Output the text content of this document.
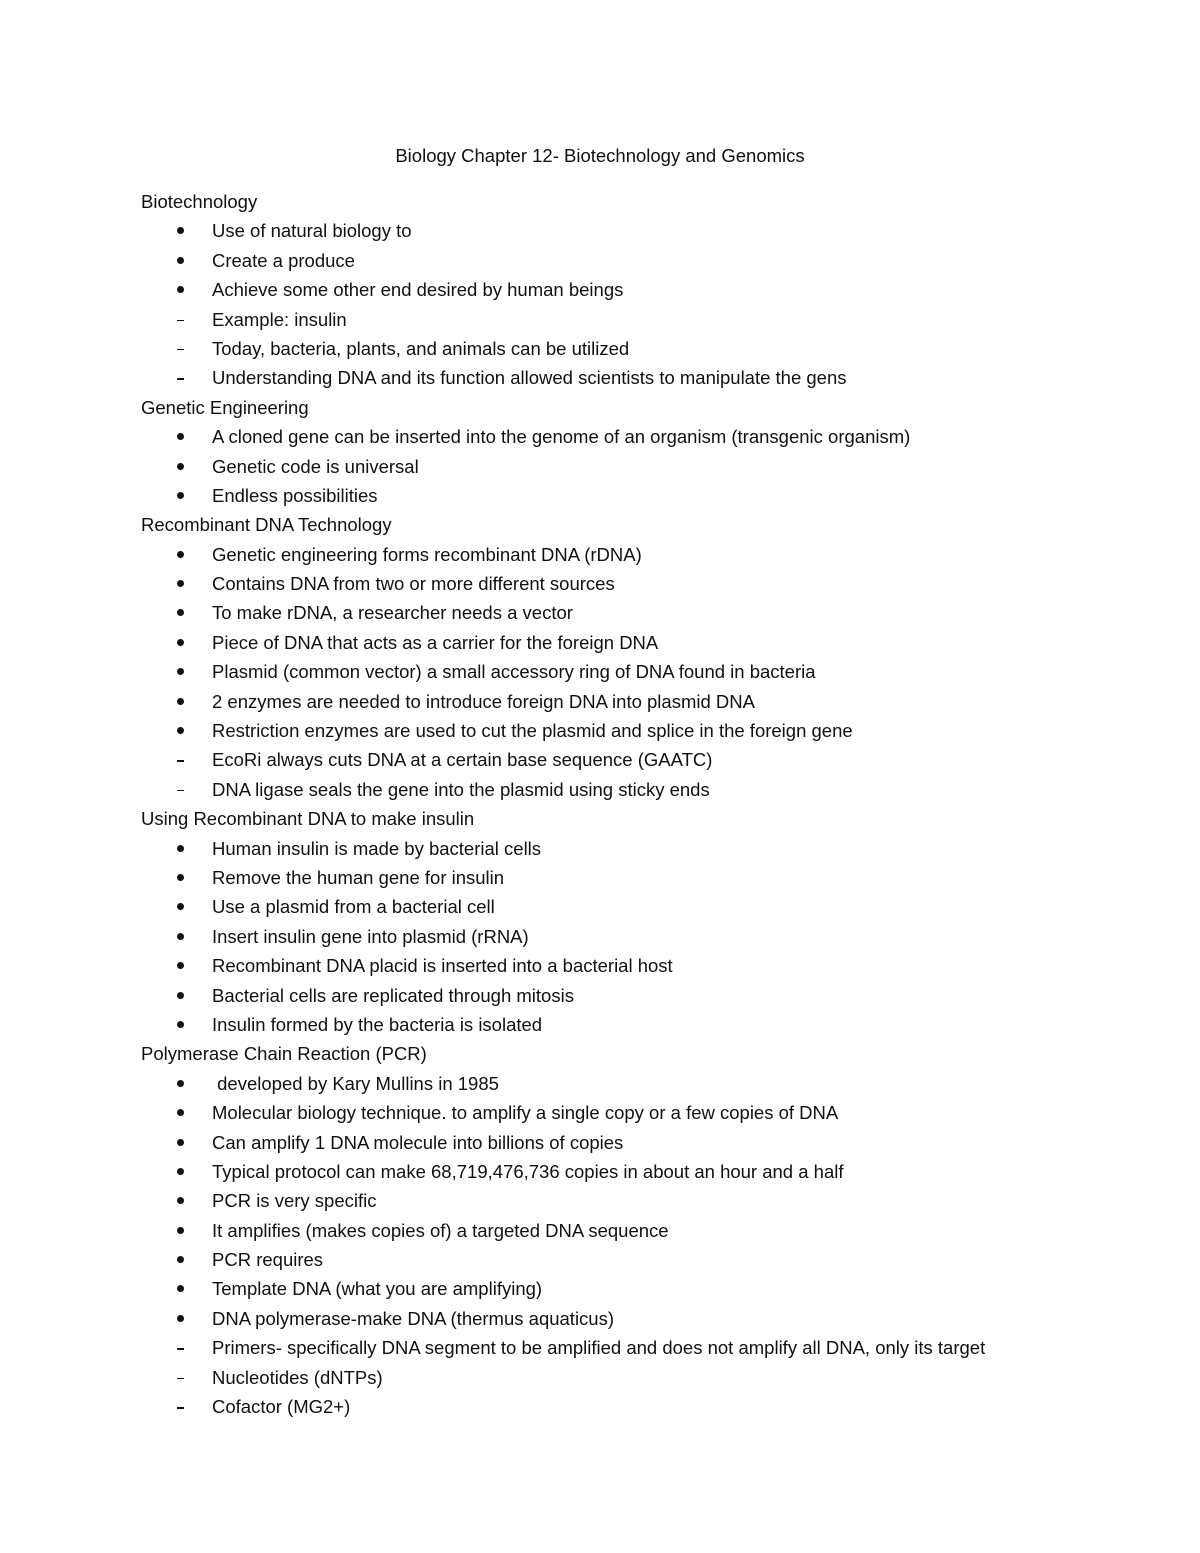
Biology Chapter 12- Biotechnology and Genomics
Biotechnology
Use of natural biology to
Create a produce
Achieve some other end desired by human beings
Example: insulin
Today, bacteria, plants, and animals can be utilized
Understanding DNA and its function allowed scientists to manipulate the gens
Genetic Engineering
A cloned gene can be inserted into the genome of an organism (transgenic organism)
Genetic code is universal
Endless possibilities
Recombinant DNA Technology
Genetic engineering forms recombinant DNA (rDNA)
Contains DNA from two or more different sources
To make rDNA, a researcher needs a vector
Piece of DNA that acts as a carrier for the foreign DNA
Plasmid (common vector) a small accessory ring of DNA found in bacteria
2 enzymes are needed to introduce foreign DNA into plasmid DNA
Restriction enzymes are used to cut the plasmid and splice in the foreign gene
EcoRi always cuts DNA at a certain base sequence (GAATC)
DNA ligase seals the gene into the plasmid using sticky ends
Using Recombinant DNA to make insulin
Human insulin is made by bacterial cells
Remove the human gene for insulin
Use a plasmid from a bacterial cell
Insert insulin gene into plasmid (rRNA)
Recombinant DNA placid is inserted into a bacterial host
Bacterial cells are replicated through mitosis
Insulin formed by the bacteria is isolated
Polymerase Chain Reaction (PCR)
developed by Kary Mullins in 1985
Molecular biology technique. to amplify a single copy or a few copies of DNA
Can amplify 1 DNA molecule into billions of copies
Typical protocol can make 68,719,476,736 copies in about an hour and a half
PCR is very specific
It amplifies (makes copies of) a targeted DNA sequence
PCR requires
Template DNA (what you are amplifying)
DNA polymerase-make DNA (thermus aquaticus)
Primers- specifically DNA segment to be amplified and does not amplify all DNA, only its target
Nucleotides (dNTPs)
Cofactor (MG2+)
